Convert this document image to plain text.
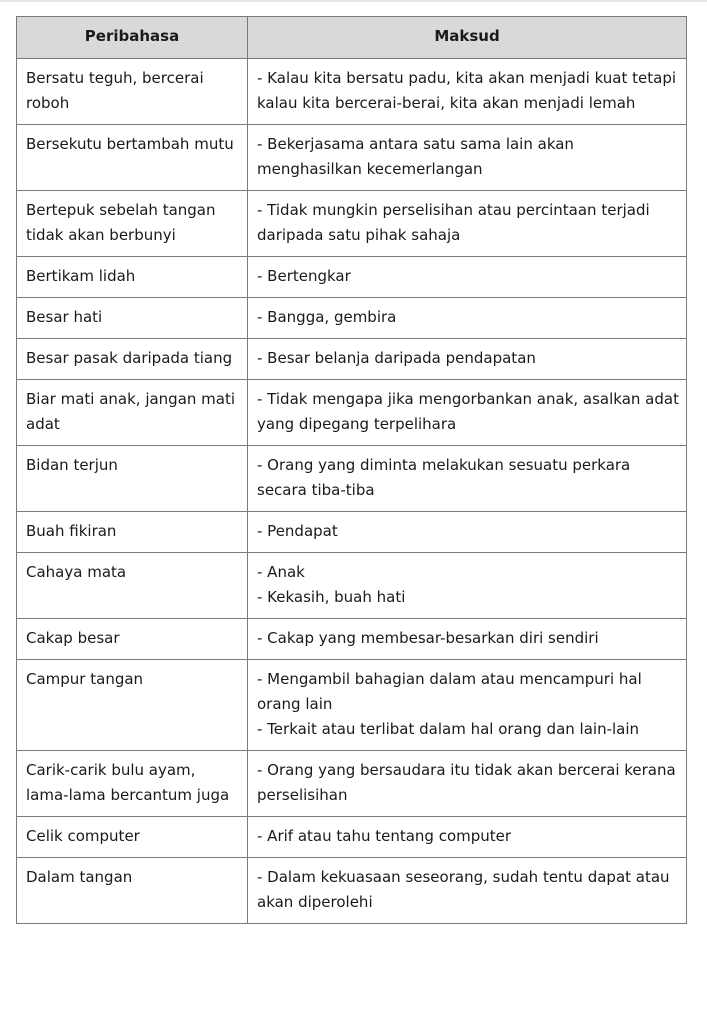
Peribahasa	Maksud
Bersatu teguh, bercerai roboh	- Kalau kita bersatu padu, kita akan menjadi kuat tetapi kalau kita bercerai-berai, kita akan menjadi lemah

Bersekutu bertambah mutu	- Bekerjasama antara satu sama lain akan menghasilkan kecemerlangan

Bertepuk sebelah tangan tidak akan berbunyi	- Tidak mungkin perselisihan atau percintaan terjadi daripada satu pihak sahaja

Bertikam lidah	- Bertengkar

Besar hati	- Bangga, gembira

Besar pasak daripada tiang	- Besar belanja daripada pendapatan

Biar mati anak, jangan mati adat	- Tidak mengapa jika mengorbankan anak, asalkan adat yang dipegang terpelihara

Bidan terjun	- Orang yang diminta melakukan sesuatu perkara secara tiba-tiba

Buah fikiran	- Pendapat

Cahaya mata	- Anak
- Kekasih, buah hati

Cakap besar	- Cakap yang membesar-besarkan diri sendiri

Campur tangan	- Mengambil bahagian dalam atau mencampuri hal orang lain
- Terkait atau terlibat dalam hal orang dan lain-lain

Carik-carik bulu ayam, lama-lama bercantum juga	- Orang yang bersaudara itu tidak akan bercerai kerana perselisihan

Celik computer	- Arif atau tahu tentang computer

Dalam tangan	- Dalam kekuasaan seseorang, sudah tentu dapat atau akan diperolehi
